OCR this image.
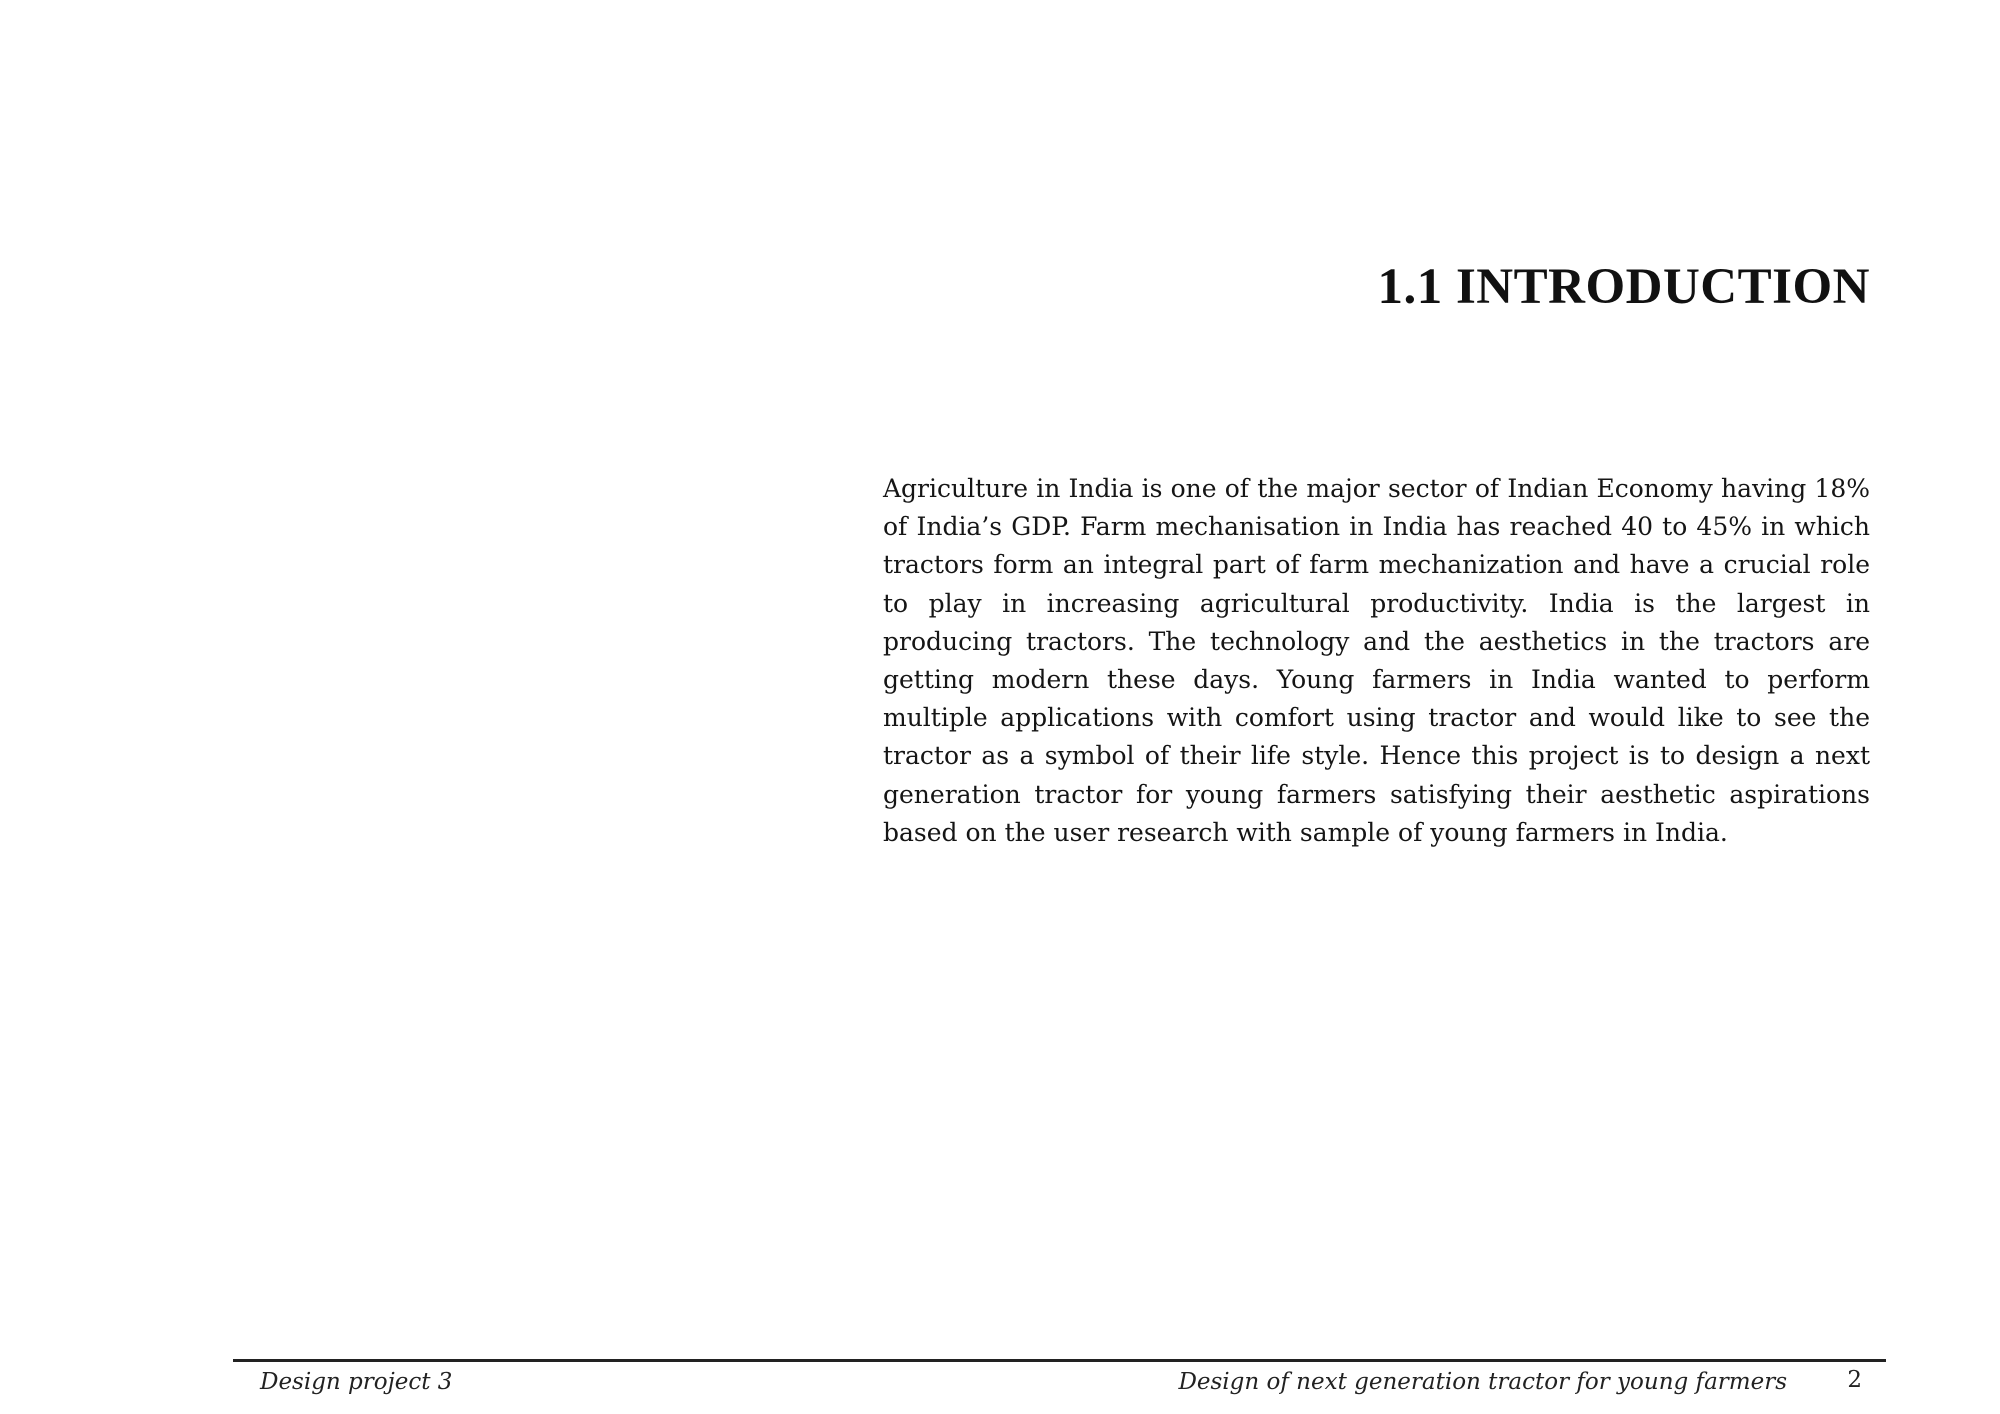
1.1 INTRODUCTION

Agriculture in India is one of the major sector of Indian Economy having 18% of India’s GDP. Farm mechanisation in India has reached 40 to 45% in which tractors form an integral part of farm mechanization and have a crucial role to play in increasing agricultural productivity. India is the largest in producing tractors. The technology and the aesthetics in the tractors are getting modern these days. Young farmers in India wanted to perform multiple applications with comfort using tractor and would like to see the tractor as a symbol of their life style. Hence this project is to design a next generation tractor for young farmers satisfying their aesthetic aspirations based on the user research with sample of young farmers in India.

Design project 3	Design of next generation tractor for young farmers	2
